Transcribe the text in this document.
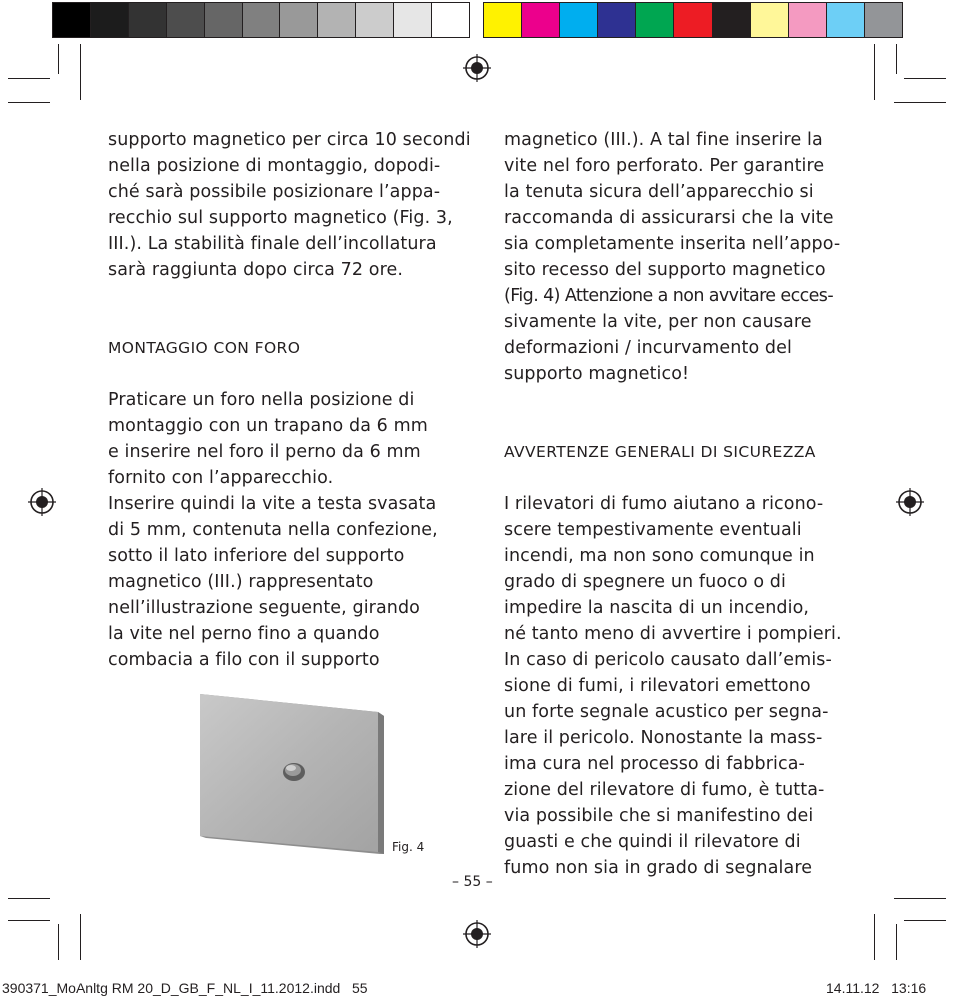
supporto magnetico per circa 10 secondi

nella posizione di montaggio, dopodi-

ché sarà possibile posizionare l’appa-

recchio sul supporto magnetico (Fig. 3,

III.). La stabilità finale dell’incollatura

sarà raggiunta dopo circa 72 ore.

MONTAGGIO CON FORO

Praticare un foro nella posizione di

montaggio con un trapano da 6 mm

e inserire nel foro il perno da 6 mm

fornito con l’apparecchio.

Inserire quindi la vite a testa svasata

di 5 mm, contenuta nella confezione,

sotto il lato inferiore del supporto

magnetico (III.) rappresentato

nell’illustrazione seguente, girando

la vite nel perno fino a quando

combacia a filo con il supporto

magnetico (III.). A tal fine inserire la

vite nel foro perforato. Per garantire

la tenuta sicura dell’apparecchio si

raccomanda di assicurarsi che la vite

sia completamente inserita nell’appo-

sito recesso del supporto magnetico

(Fig. 4) Attenzione a non avvitare ecces-

sivamente la vite, per non causare

deformazioni / incurvamento del

supporto magnetico!

AVVERTENZE GENERALI DI SICUREZZA

I rilevatori di fumo aiutano a ricono-

scere tempestivamente eventuali

incendi, ma non sono comunque in

grado di spegnere un fuoco o di

impedire la nascita di un incendio,

né tanto meno di avvertire i pompieri.

In caso di pericolo causato dall’emis-

sione di fumi, i rilevatori emettono

un forte segnale acustico per segna-

lare il pericolo. Nonostante la mass-

ima cura nel processo di fabbrica-

zione del rilevatore di fumo, è tutta-

via possibile che si manifestino dei

guasti e che quindi il rilevatore di

fumo non sia in grado di segnalare

Fig. 4
– 55 –
390371_MoAnltg RM 20_D_GB_F_NL_I_11.2012.indd   55	14.11.12   13:16
